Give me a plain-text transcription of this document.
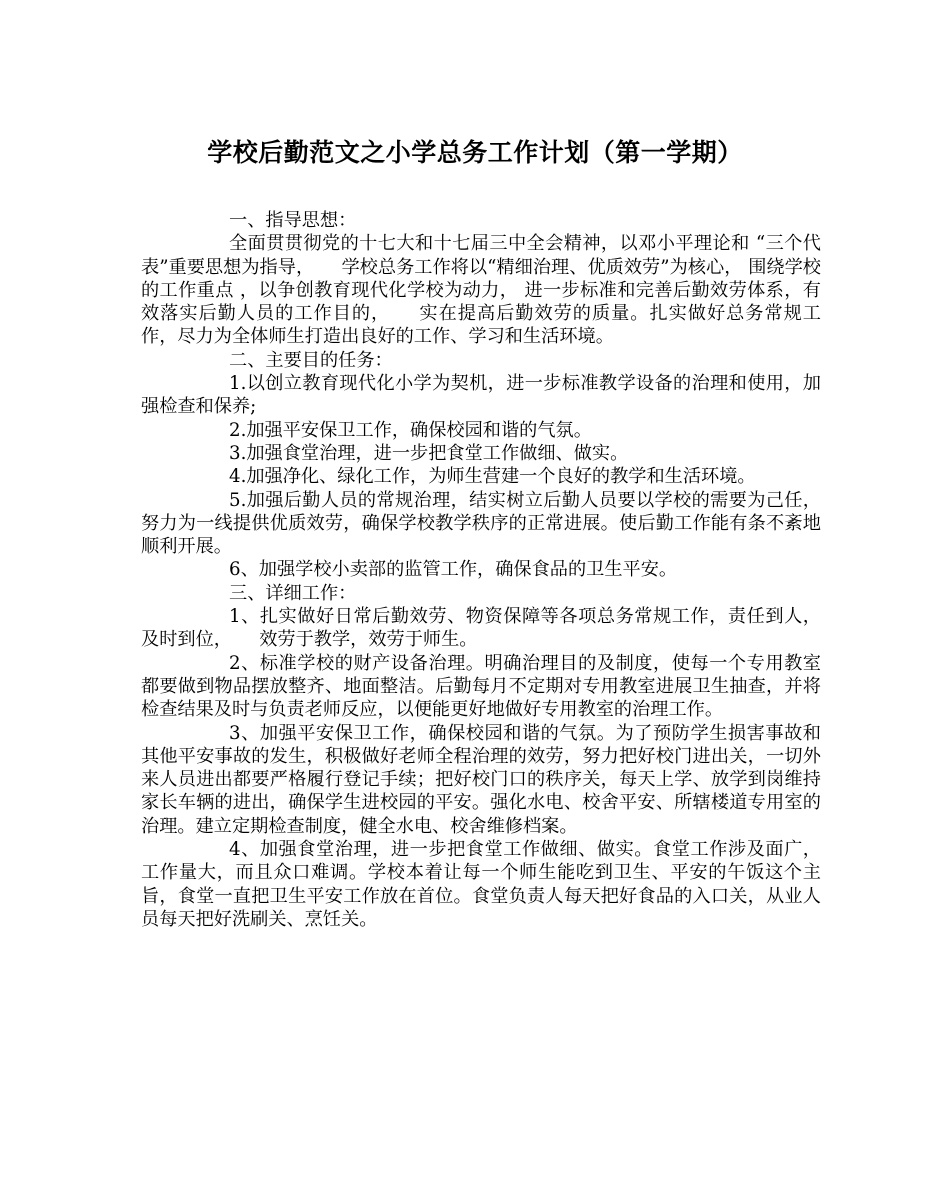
学校后勤范文之小学总务工作计划（第一学期）

一、指导思想：

全面贯贯彻党的十七大和十七届三中全会精神，以邓小平理论和 “三个代表”重要思想为指导，　　学校总务工作将以“精细治理、优质效劳”为核心， 围绕学校的工作重点 ，以争创教育现代化学校为动力， 进一步标准和完善后勤效劳体系，有效落实后勤人员的工作目的，　　实在提高后勤效劳的质量。扎实做好总务常规工作，尽力为全体师生打造出良好的工作、学习和生活环境。

二、主要目的任务：

1.以创立教育现代化小学为契机，进一步标准教学设备的治理和使用，加强检查和保养;

2.加强平安保卫工作，确保校园和谐的气氛。

3.加强食堂治理，进一步把食堂工作做细、做实。

4.加强净化、绿化工作，为师生营建一个良好的教学和生活环境。

5.加强后勤人员的常规治理，结实树立后勤人员要以学校的需要为己任，努力为一线提供优质效劳，确保学校教学秩序的正常进展。使后勤工作能有条不紊地顺利开展。

6、加强学校小卖部的监管工作，确保食品的卫生平安。

三、详细工作：

1、扎实做好日常后勤效劳、物资保障等各项总务常规工作，责任到人，及时到位，　　效劳于教学，效劳于师生。

2、标准学校的财产设备治理。明确治理目的及制度，使每一个专用教室都要做到物品摆放整齐、地面整洁。后勤每月不定期对专用教室进展卫生抽查，并将检查结果及时与负责老师反应，以便能更好地做好专用教室的治理工作。

3、加强平安保卫工作，确保校园和谐的气氛。为了预防学生损害事故和其他平安事故的发生，积极做好老师全程治理的效劳，努力把好校门进出关，一切外来人员进出都要严格履行登记手续；把好校门口的秩序关，每天上学、放学到岗维持家长车辆的进出，确保学生进校园的平安。强化水电、校舍平安、所辖楼道专用室的治理。建立定期检查制度，健全水电、校舍维修档案。

4、加强食堂治理，进一步把食堂工作做细、做实。食堂工作涉及面广，工作量大，而且众口难调。学校本着让每一个师生能吃到卫生、平安的午饭这个主旨，食堂一直把卫生平安工作放在首位。食堂负责人每天把好食品的入口关，从业人员每天把好洗刷关、烹饪关。
